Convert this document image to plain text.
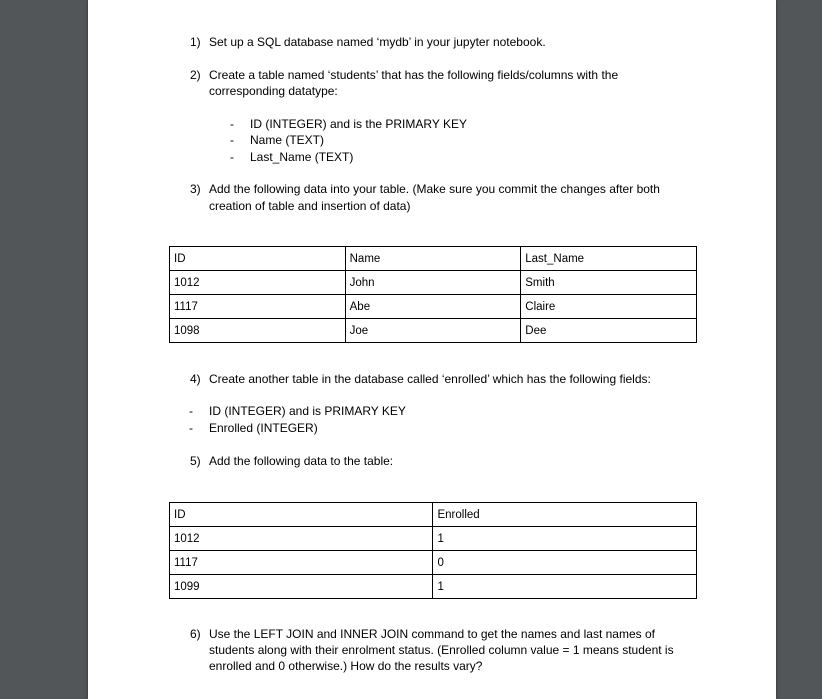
1) Set up a SQL database named ‘mydb’ in your jupyter notebook.
2) Create a table named ‘students’ that has the following fields/columns with the
corresponding datatype:
- ID (INTEGER) and is the PRIMARY KEY
- Name (TEXT)
- Last_Name (TEXT)
3) Add the following data into your table. (Make sure you commit the changes after both
creation of table and insertion of data)
ID	Name	Last_Name
1012	John	Smith
1117	Abe	Claire
1098	Joe	Dee
4) Create another table in the database called ‘enrolled’ which has the following fields:
- ID (INTEGER) and is PRIMARY KEY
- Enrolled (INTEGER)
5) Add the following data to the table:
ID	Enrolled
1012	1
1117	0
1099	1
6) Use the LEFT JOIN and INNER JOIN command to get the names and last names of
students along with their enrolment status. (Enrolled column value = 1 means student is
enrolled and 0 otherwise.) How do the results vary?
